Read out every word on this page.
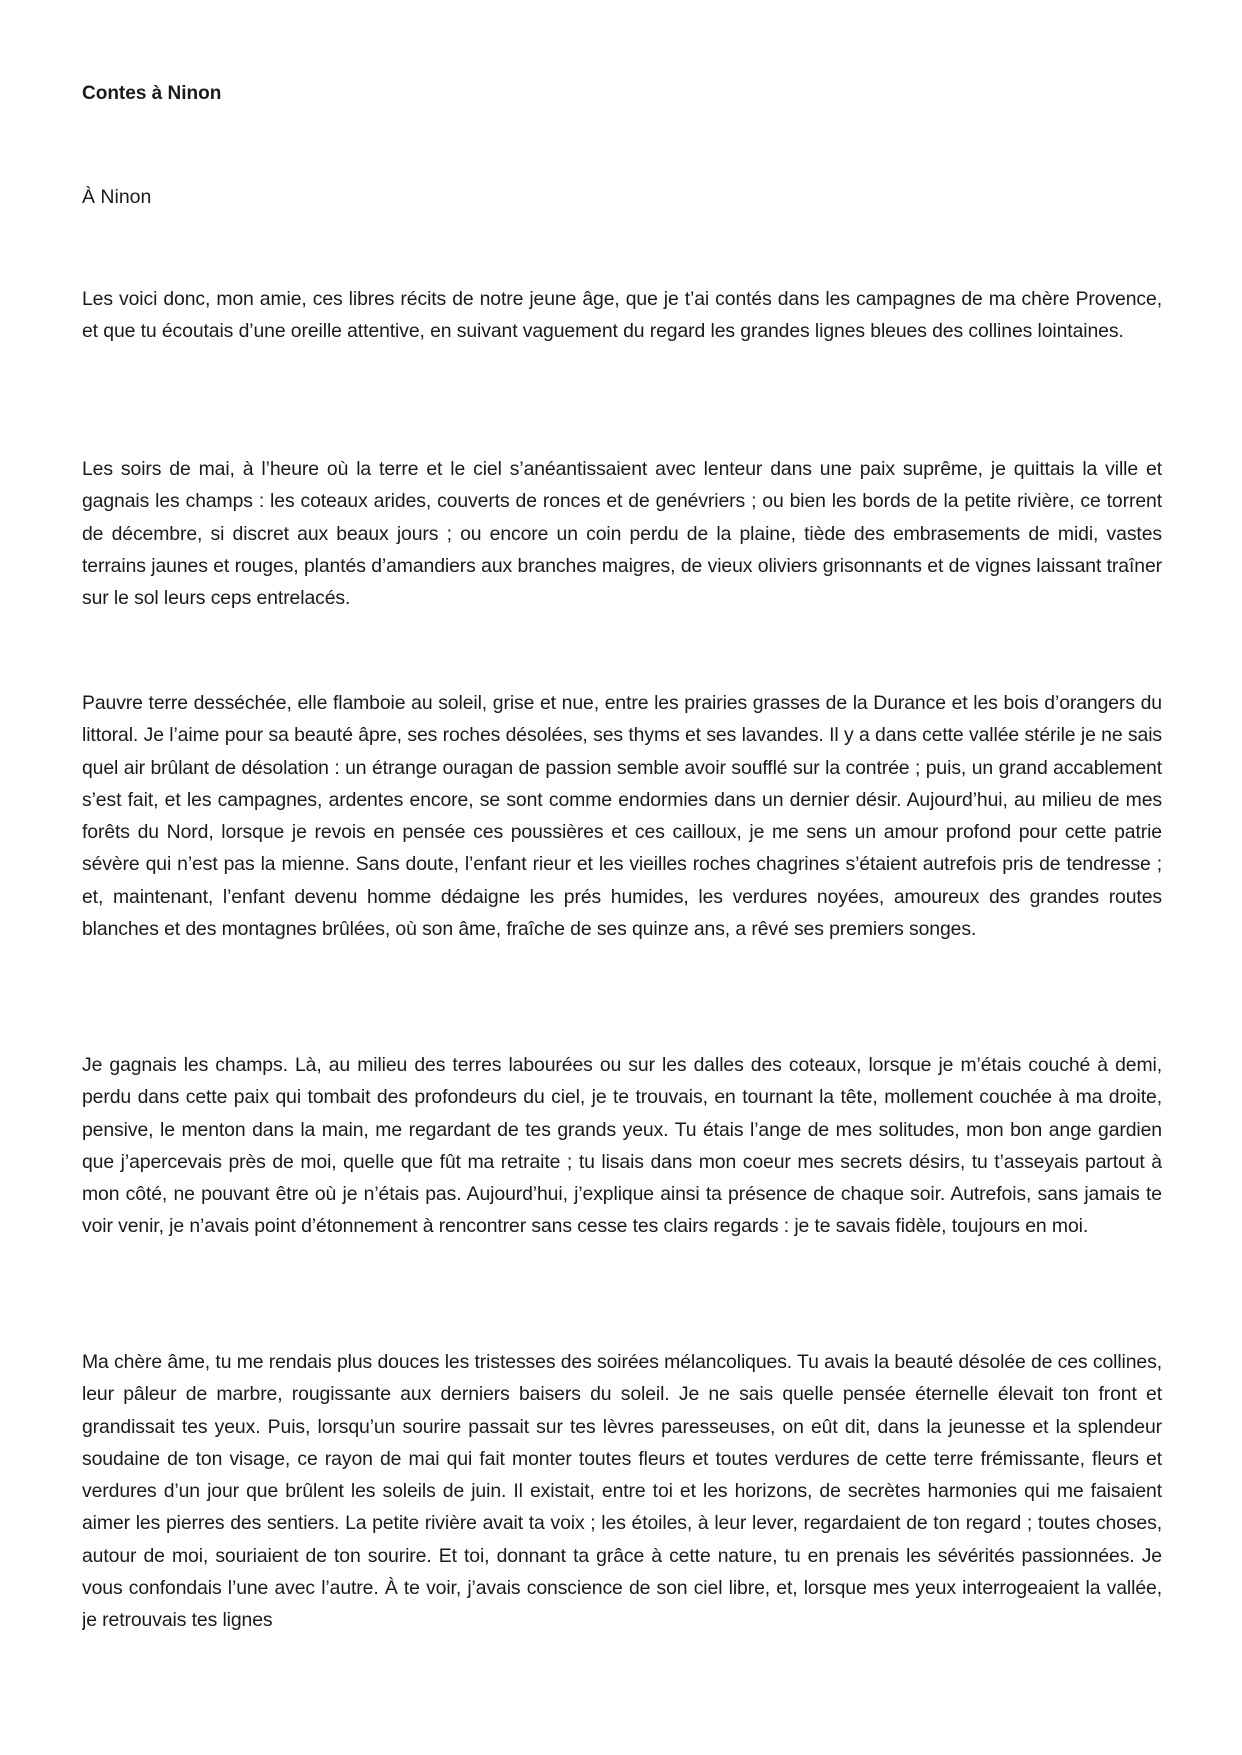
Contes à Ninon

À Ninon

Les voici donc, mon amie, ces libres récits de notre jeune âge, que je t’ai contés dans les campagnes de ma chère Provence, et que tu écoutais d’une oreille attentive, en suivant vaguement du regard les grandes lignes bleues des collines lointaines.

Les soirs de mai, à l’heure où la terre et le ciel s’anéantissaient avec lenteur dans une paix suprême, je quittais la ville et gagnais les champs : les coteaux arides, couverts de ronces et de genévriers ; ou bien les bords de la petite rivière, ce torrent de décembre, si discret aux beaux jours ; ou encore un coin perdu de la plaine, tiède des embrasements de midi, vastes terrains jaunes et rouges, plantés d’amandiers aux branches maigres, de vieux oliviers grisonnants et de vignes laissant traîner sur le sol leurs ceps entrelacés.

Pauvre terre desséchée, elle flamboie au soleil, grise et nue, entre les prairies grasses de la Durance et les bois d’orangers du littoral. Je l’aime pour sa beauté âpre, ses roches désolées, ses thyms et ses lavandes. Il y a dans cette vallée stérile je ne sais quel air brûlant de désolation : un étrange ouragan de passion semble avoir soufflé sur la contrée ; puis, un grand accablement s’est fait, et les campagnes, ardentes encore, se sont comme endormies dans un dernier désir. Aujourd’hui, au milieu de mes forêts du Nord, lorsque je revois en pensée ces poussières et ces cailloux, je me sens un amour profond pour cette patrie sévère qui n’est pas la mienne. Sans doute, l’enfant rieur et les vieilles roches chagrines s’étaient autrefois pris de tendresse ; et, maintenant, l’enfant devenu homme dédaigne les prés humides, les verdures noyées, amoureux des grandes routes blanches et des montagnes brûlées, où son âme, fraîche de ses quinze ans, a rêvé ses premiers songes.

Je gagnais les champs. Là, au milieu des terres labourées ou sur les dalles des coteaux, lorsque je m’étais couché à demi, perdu dans cette paix qui tombait des profondeurs du ciel, je te trouvais, en tournant la tête, mollement couchée à ma droite, pensive, le menton dans la main, me regardant de tes grands yeux. Tu étais l’ange de mes solitudes, mon bon ange gardien que j’apercevais près de moi, quelle que fût ma retraite ; tu lisais dans mon coeur mes secrets désirs, tu t’asseyais partout à mon côté, ne pouvant être où je n’étais pas. Aujourd’hui, j’explique ainsi ta présence de chaque soir. Autrefois, sans jamais te voir venir, je n’avais point d’étonnement à rencontrer sans cesse tes clairs regards : je te savais fidèle, toujours en moi.

Ma chère âme, tu me rendais plus douces les tristesses des soirées mélancoliques. Tu avais la beauté désolée de ces collines, leur pâleur de marbre, rougissante aux derniers baisers du soleil. Je ne sais quelle pensée éternelle élevait ton front et grandissait tes yeux. Puis, lorsqu’un sourire passait sur tes lèvres paresseuses, on eût dit, dans la jeunesse et la splendeur soudaine de ton visage, ce rayon de mai qui fait monter toutes fleurs et toutes verdures de cette terre frémissante, fleurs et verdures d’un jour que brûlent les soleils de juin. Il existait, entre toi et les horizons, de secrètes harmonies qui me faisaient aimer les pierres des sentiers. La petite rivière avait ta voix ; les étoiles, à leur lever, regardaient de ton regard ; toutes choses, autour de moi, souriaient de ton sourire. Et toi, donnant ta grâce à cette nature, tu en prenais les sévérités passionnées. Je vous confondais l’une avec l’autre. À te voir, j’avais conscience de son ciel libre, et, lorsque mes yeux interrogeaient la vallée, je retrouvais tes lignes
